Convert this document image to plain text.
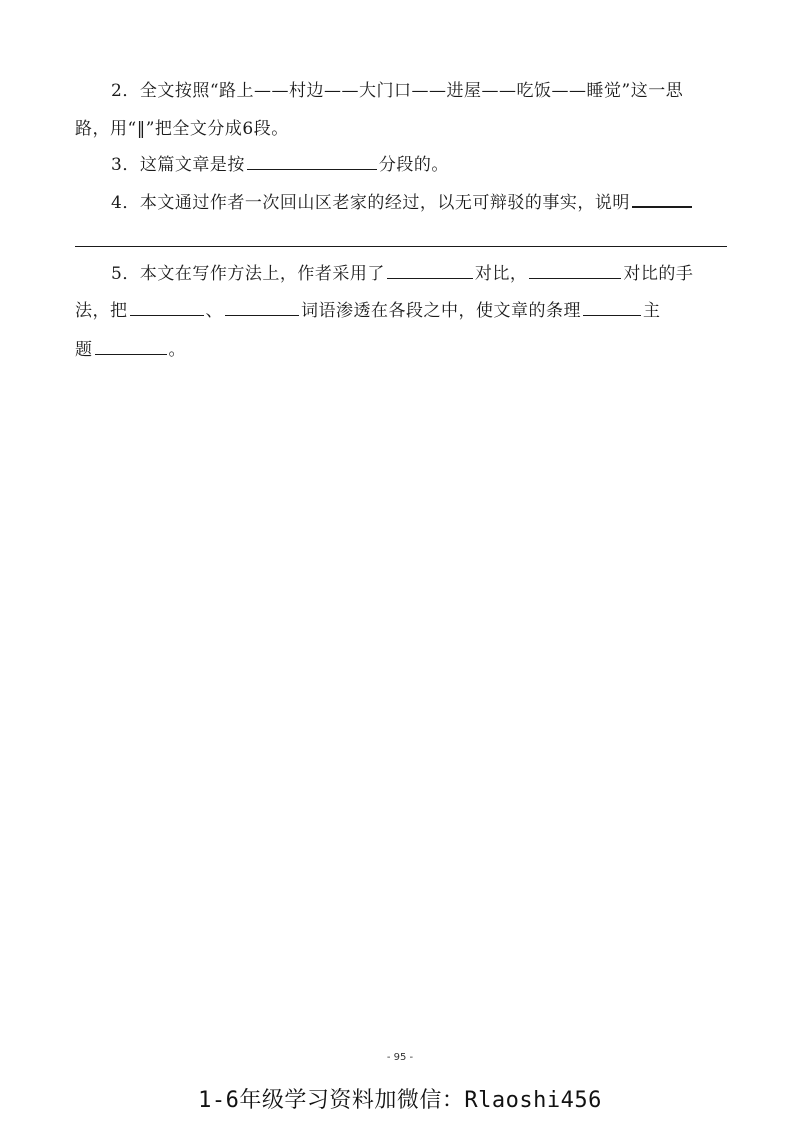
2．全文按照“路上——村边——大门口——进屋——吃饭——睡觉”这一思
路，用“‖”把全文分成6段。
3．这篇文章是按	分段的。
4．本文通过作者一次回山区老家的经过，以无可辩驳的事实，说明
5．本文在写作方法上，作者采用了	对比，	对比的手
法，把	、	词语渗透在各段之中，使文章的条理	主
题	。
- 95 -
1-6年级学习资料加微信：Rlaoshi456
